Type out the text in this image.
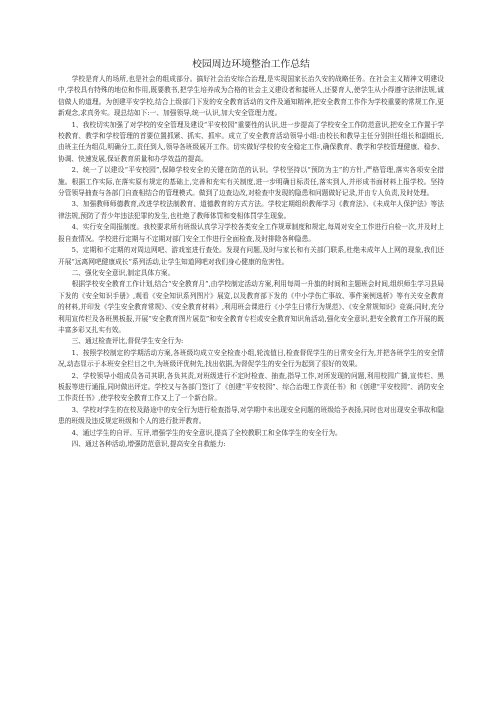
校园周边环境整治工作总结

学校是育人的场所,也是社会的组成部分。搞好社会治安综合治理,是实现国家长治久安的战略任务。在社会主义精神文明建设中,学校具有特殊的地位和作用,既要教书,把学生培养成为合格的社会主义建设者和接班人,还要育人,使学生从小得遵守法律法规,诚信做人的道理。为创建平安学校,结合上级部门下发的安全教育活动的文件及通知精神,把安全教育工作作为学校重要的常规工作,更新观念,求真务实。现总结如下:一、加强领导,统一认识,加大安全管理力度。

1、我校切实加强了对学校的安全管理及建设“平安校园”重要性的认识,进一步提高了学校安全工作防范意识,把安全工作置于学校教育、教学和学校管理的首要位置抓紧、抓实、抓牢。成立了安全教育活动领导小组:由校长和教导主任分别担任组长和副组长,由班主任为组员,明确分工,责任到人,领导各班级展开工作。切实做好学校的安全稳定工作,确保教育、教学和学校管理健康、稳步、协调、快速发展,保证教育质量和办学效益的提高。

2、统一了以建设“平安校园”,保障学校安全的关键在防范的认识。学校坚持以“预防为主”的方针,严格管理,落实各项安全措施。根据工作实际,在落实原有规定的基础上,完善和充实有关制度,进一步明确目标责任,落实到人,并形成书面材料上报学校。坚持分管领导抽查与各部门自查相结合的管理模式。做到了边查边改,对检查中发现的隐患和问题做好记录,并由专人负责,及时处理。

3、加强教师师德教育,改进学校法制教育、道德教育的方式方法。学校定期组织教师学习《教育法》、《未成年人保护法》等法律法规,预防了青少年违法犯罪的发生,也杜绝了教师体罚和变相体罚学生现象。

4、实行安全周报制度。我校要求所有班级认真学习学校各类安全工作规章制度和规定,每周对安全工作进行自检一次,并及时上报自查情况。学校进行定期与不定期对部门安全工作进行全面检查,及时排除各种隐患。

5、定期和不定期的对周边网吧、游戏室进行查处。发现有问题,及时与家长和有关部门联系,杜绝未成年人上网的现象,我们还开展“远离网吧健康成长”系列活动,让学生知道网吧对我们身心健康的危害性。

二、强化安全意识,制定具体方案。

根据学校安全教育工作计划,结合“安全教育月”,由学校制定活动方案,利用每周一升旗的时间和主题班会时间,组织师生学习县局下发的《安全知识手册》,观看《安全知识系列图片》展览,以及教育部下发的《中小学伤亡事故、事件案例选析》等有关安全教育的材料,并印发《学生安全教育常规》、《安全教育材料》,利用班会课进行《小学生日常行为规范》、《安全常规知识》竞赛;同时,充分利用宣传栏及各班黑板报,开展“安全教育图片展览”和安全教育专栏或安全教育知识角活动,强化安全意识,把安全教育工作开展的既丰富多彩又扎实有效。

三、通过检查评比,督促学生安全行为:

1、按照学校制定的学期活动方案,各班级均成立安全检查小组,轮流值日,检查督促学生的日常安全行为,并把各班学生的安全情况,动态显示于本班安全栏目之中,为班级评优树先,找出依据,为督促学生的安全行为起到了很好的效果。

2、学校领导小组成员各司其职,各负其责,对班级进行不定时检查、抽查,指导工作,对所发现的问题,利用校园广播,宣传栏、黑板报等进行通报,同时做出评定。学校又与各部门签订了《创建“平安校园”、综合治理工作责任书》和《创建“平安校园”、消防安全工作责任书》,使学校安全教育工作又上了一个新台阶。

3、学校对学生的在校及路途中的安全行为进行检查指导,对学期中未出现安全问题的班级给予表扬,同时也对出现安全事故和隐患的班级及违反规定班级和个人的进行批评教育。

4、通过学生的自评、互评,增强学生的安全意识,提高了全校教职工和全体学生的安全行为。

四、通过各种活动,增强防范意识,提高安全自救能力:
